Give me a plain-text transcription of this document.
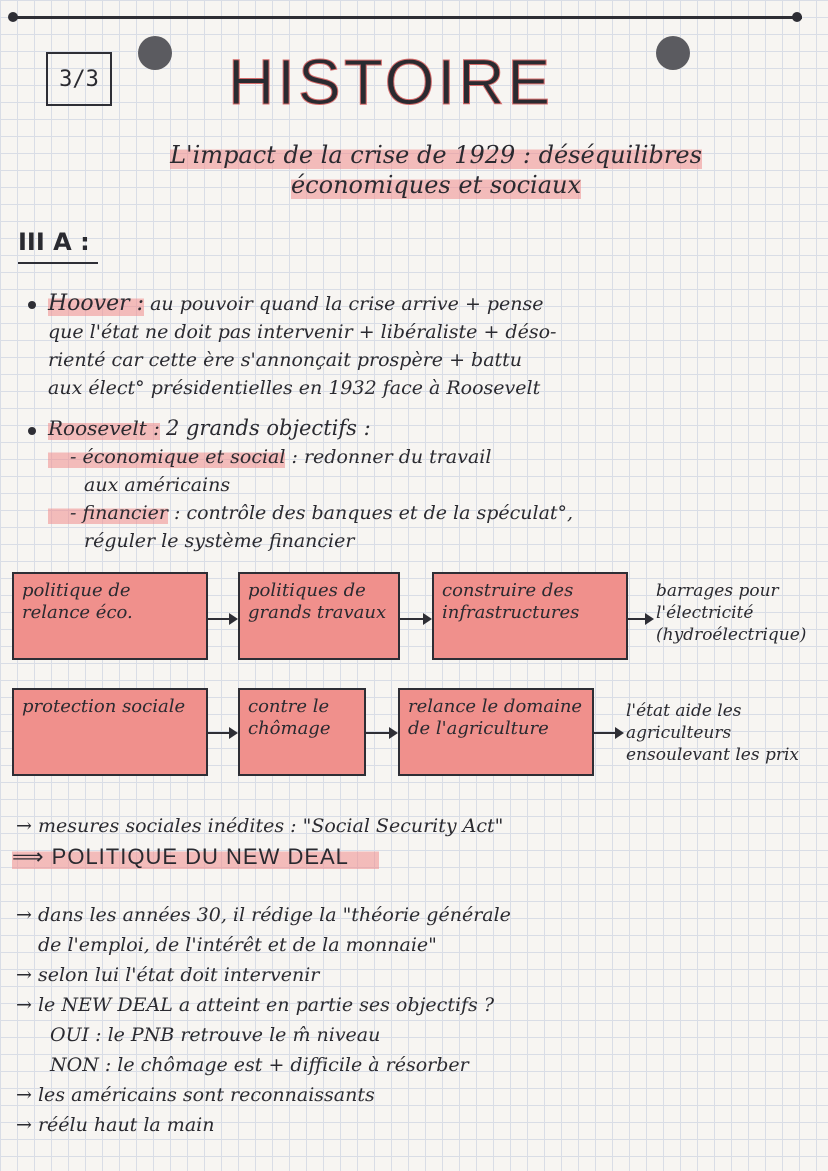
3/3 HISTOIRE
L'impact de la crise de 1929 : déséquilibres
économiques et sociaux
III A :
Hoover : au pouvoir quand la crise arrive + pense
que l'état ne doit pas intervenir + libéraliste + déso-
rienté car cette ère s'annonçait prospère + battu
aux élect° présidentielles en 1932 face à Roosevelt
Roosevelt : 2 grands objectifs :
- économique et social : redonner du travail
aux américains
- financier : contrôle des banques et de la spéculat°,
réguler le système financier
politique de relance éco.
politiques de grands travaux
construire des infrastructures
barrages pour l'électricité (hydroélectrique)
protection sociale	contre le chômage
relance le domaine de l'agriculture
l'état aide les agriculteurs ensoulevant les prix
→ mesures sociales inédites : "Social Security Act"
⟹ POLITIQUE DU NEW DEAL
→ dans les années 30, il rédige la "théorie générale
de l'emploi, de l'intérêt et de la monnaie"
→ selon lui l'état doit intervenir
→ le NEW DEAL a atteint en partie ses objectifs ?
OUI : le PNB retrouve le m̂ niveau
NON : le chômage est + difficile à résorber
→ les américains sont reconnaissants
→ réélu haut la main
